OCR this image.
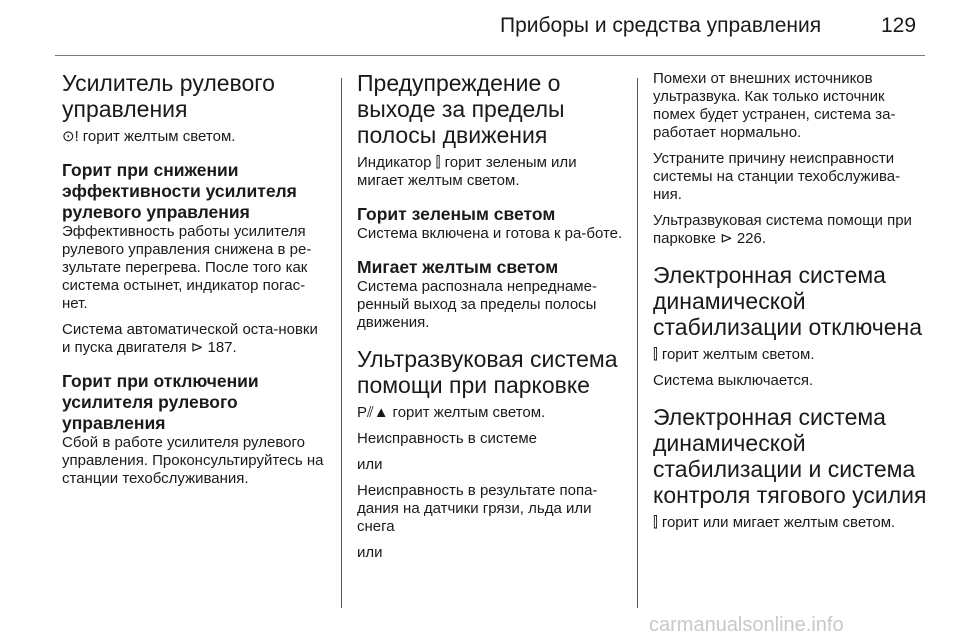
Приборы и средства управления	129
Усилитель рулевого управления

⊙! горит желтым светом.

Горит при снижении эффективности усилителя рулевого управления

Эффективность работы усилителя рулевого управления снижена в ре-зультате перегрева. После того как система остынет, индикатор погас-нет.

Система автоматической оста-новки и пуска двигателя ⊳ 187.

Горит при отключении усилителя рулевого управления

Сбой в работе усилителя рулевого управления. Проконсультируйтесь на станции техобслуживания.

Предупреждение о выходе за пределы полосы движения

Индикатор ⫿ горит зеленым или мигает желтым светом.

Горит зеленым светом

Система включена и готова к ра-боте.

Мигает желтым светом

Система распознала непреднаме-ренный выход за пределы полосы движения.

Ультразвуковая система помощи при парковке

P⫽▲ горит желтым светом.

Неисправность в системе

или

Неисправность в результате попа-дания на датчики грязи, льда или снега

или

Помехи от внешних источников ультразвука. Как только источник помех будет устранен, система за-работает нормально.

Устраните причину неисправности системы на станции техобслужива-ния.

Ультразвуковая система помощи при парковке ⊳ 226.

Электронная система динамической стабилизации отключена

⫿ горит желтым светом.

Система выключается.

Электронная система динамической стабилизации и система контроля тягового усилия

⫿ горит или мигает желтым светом.

carmanualsonline.info
